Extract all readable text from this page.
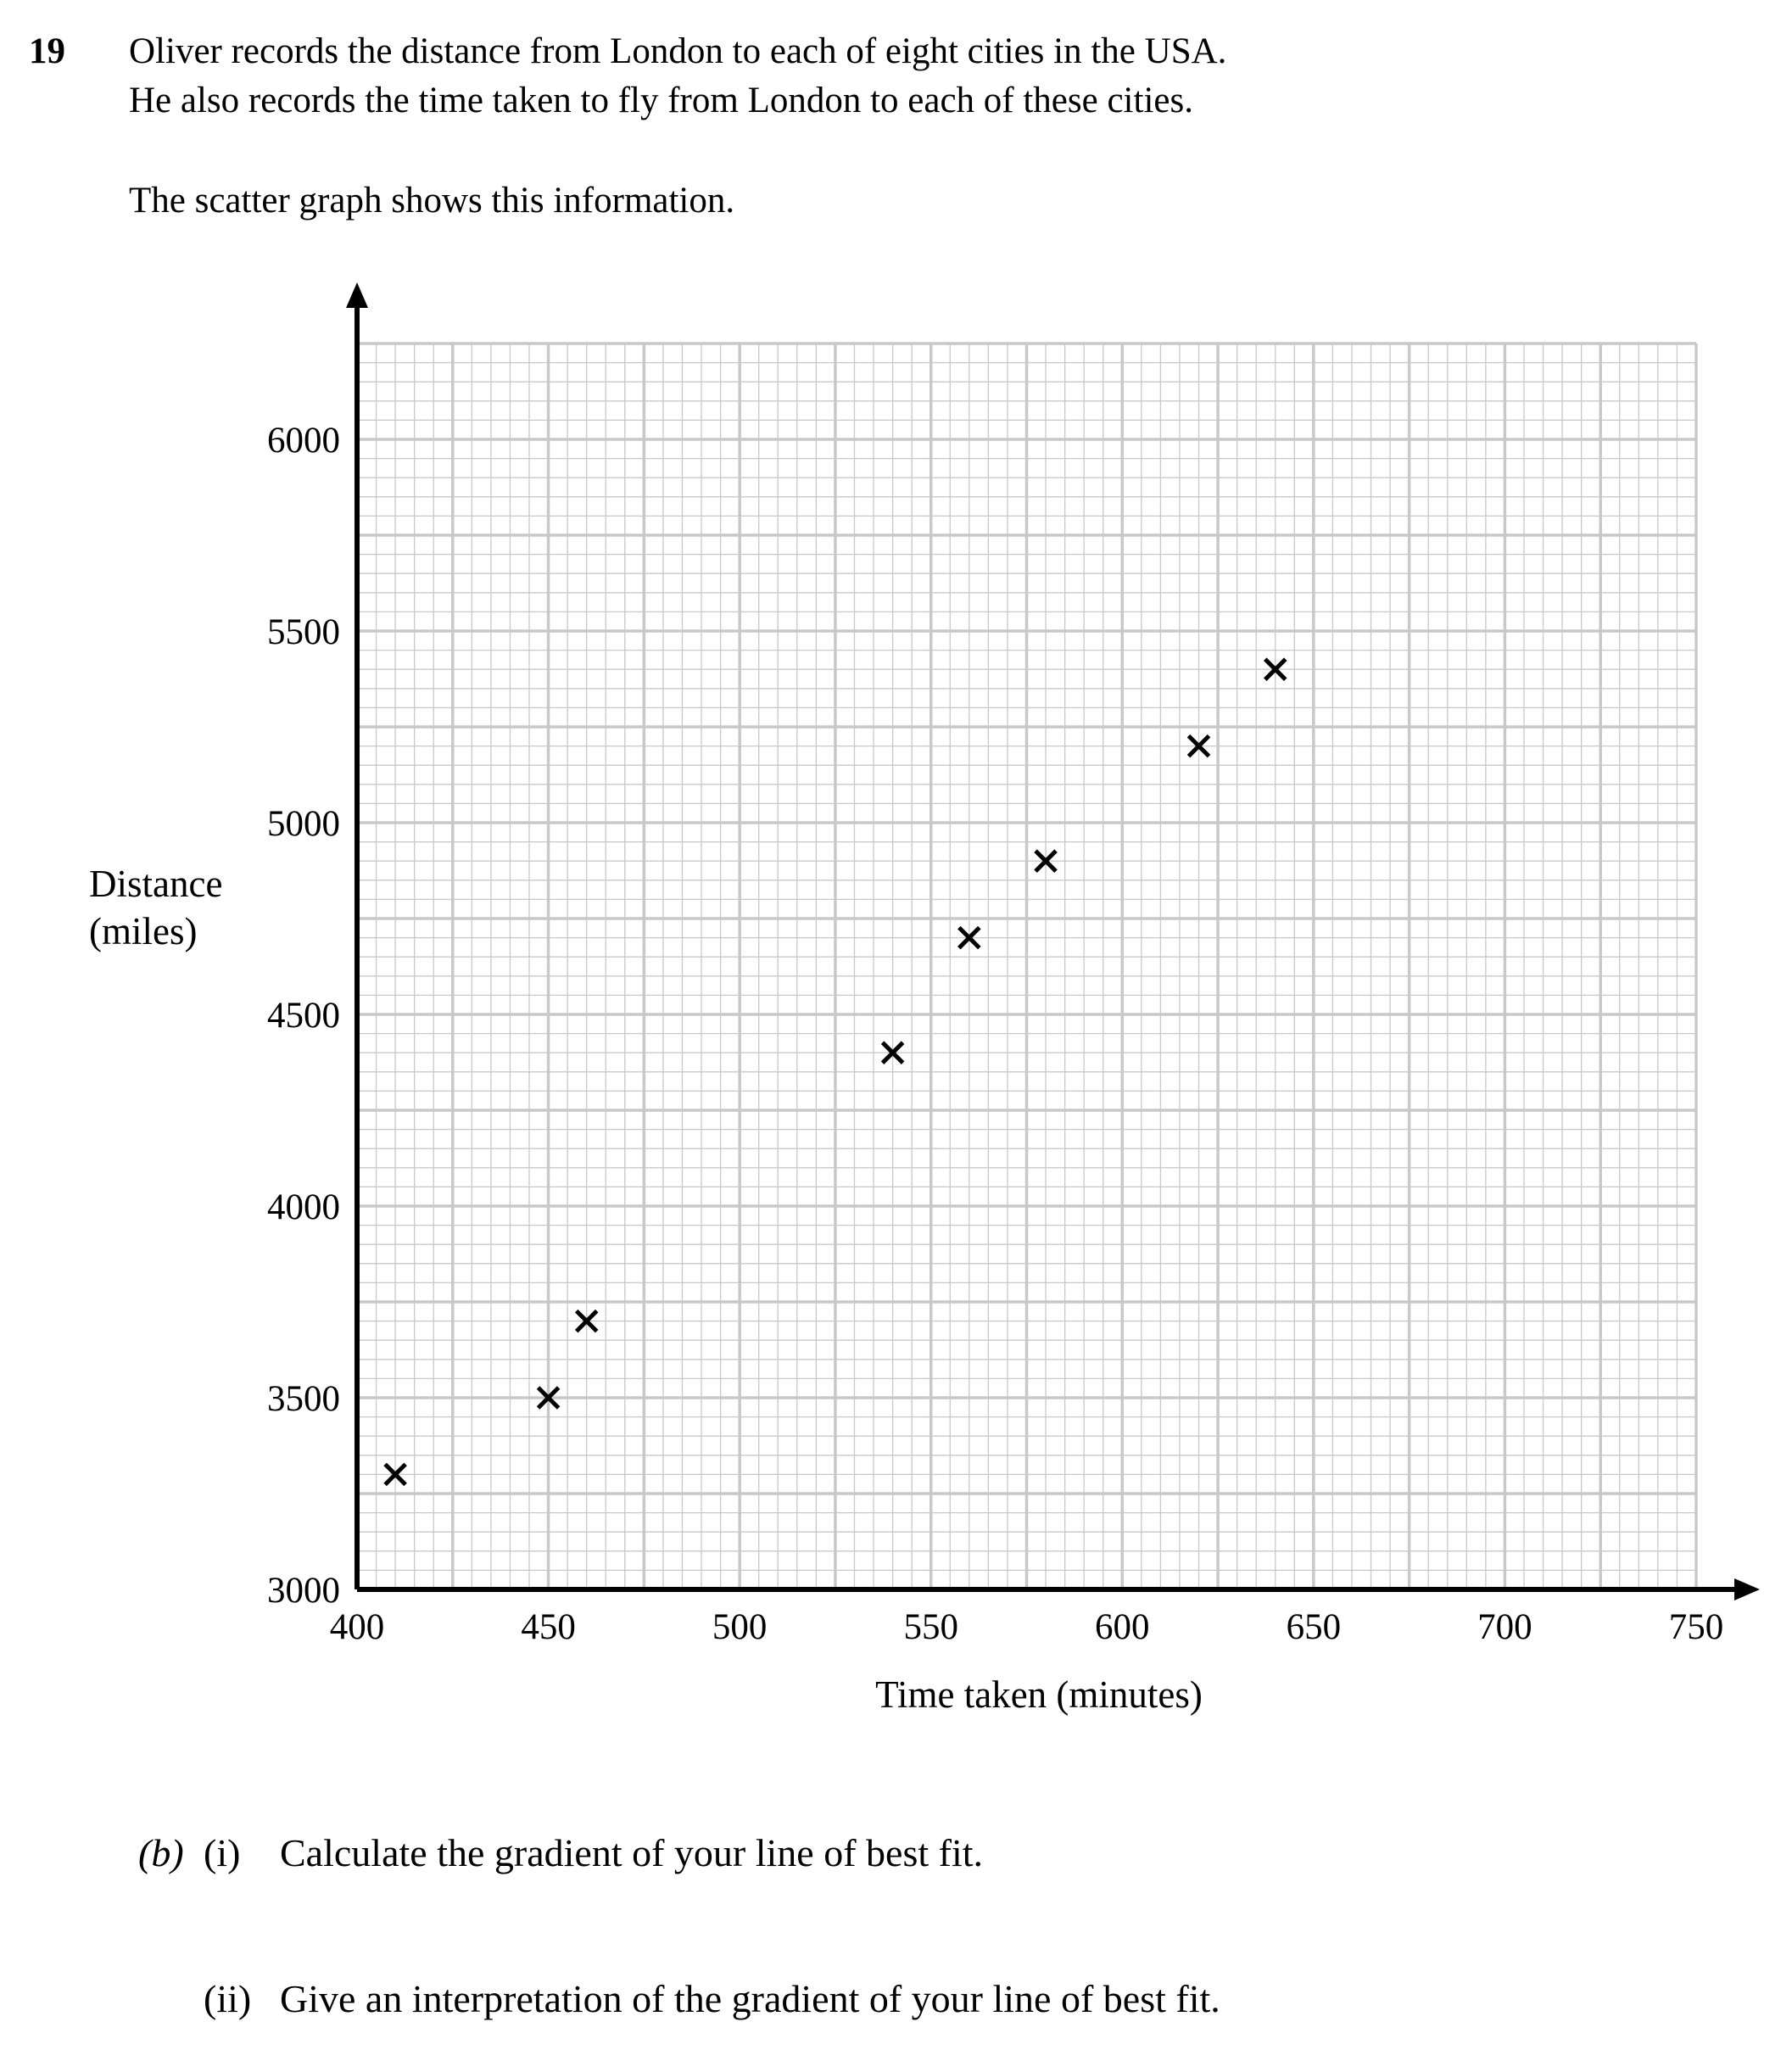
19 Oliver records the distance from London to each of eight cities in the USA.
He also records the time taken to fly from London to each of these cities.
The scatter graph shows this information.
400	450	500	550	600	650	700	750
3000
3500
4000
4500
5000
5500
6000
Time taken (minutes)
Distance
(miles)
(b) (i) Calculate the gradient of your line of best fit.
(ii) Give an interpretation of the gradient of your line of best fit.
